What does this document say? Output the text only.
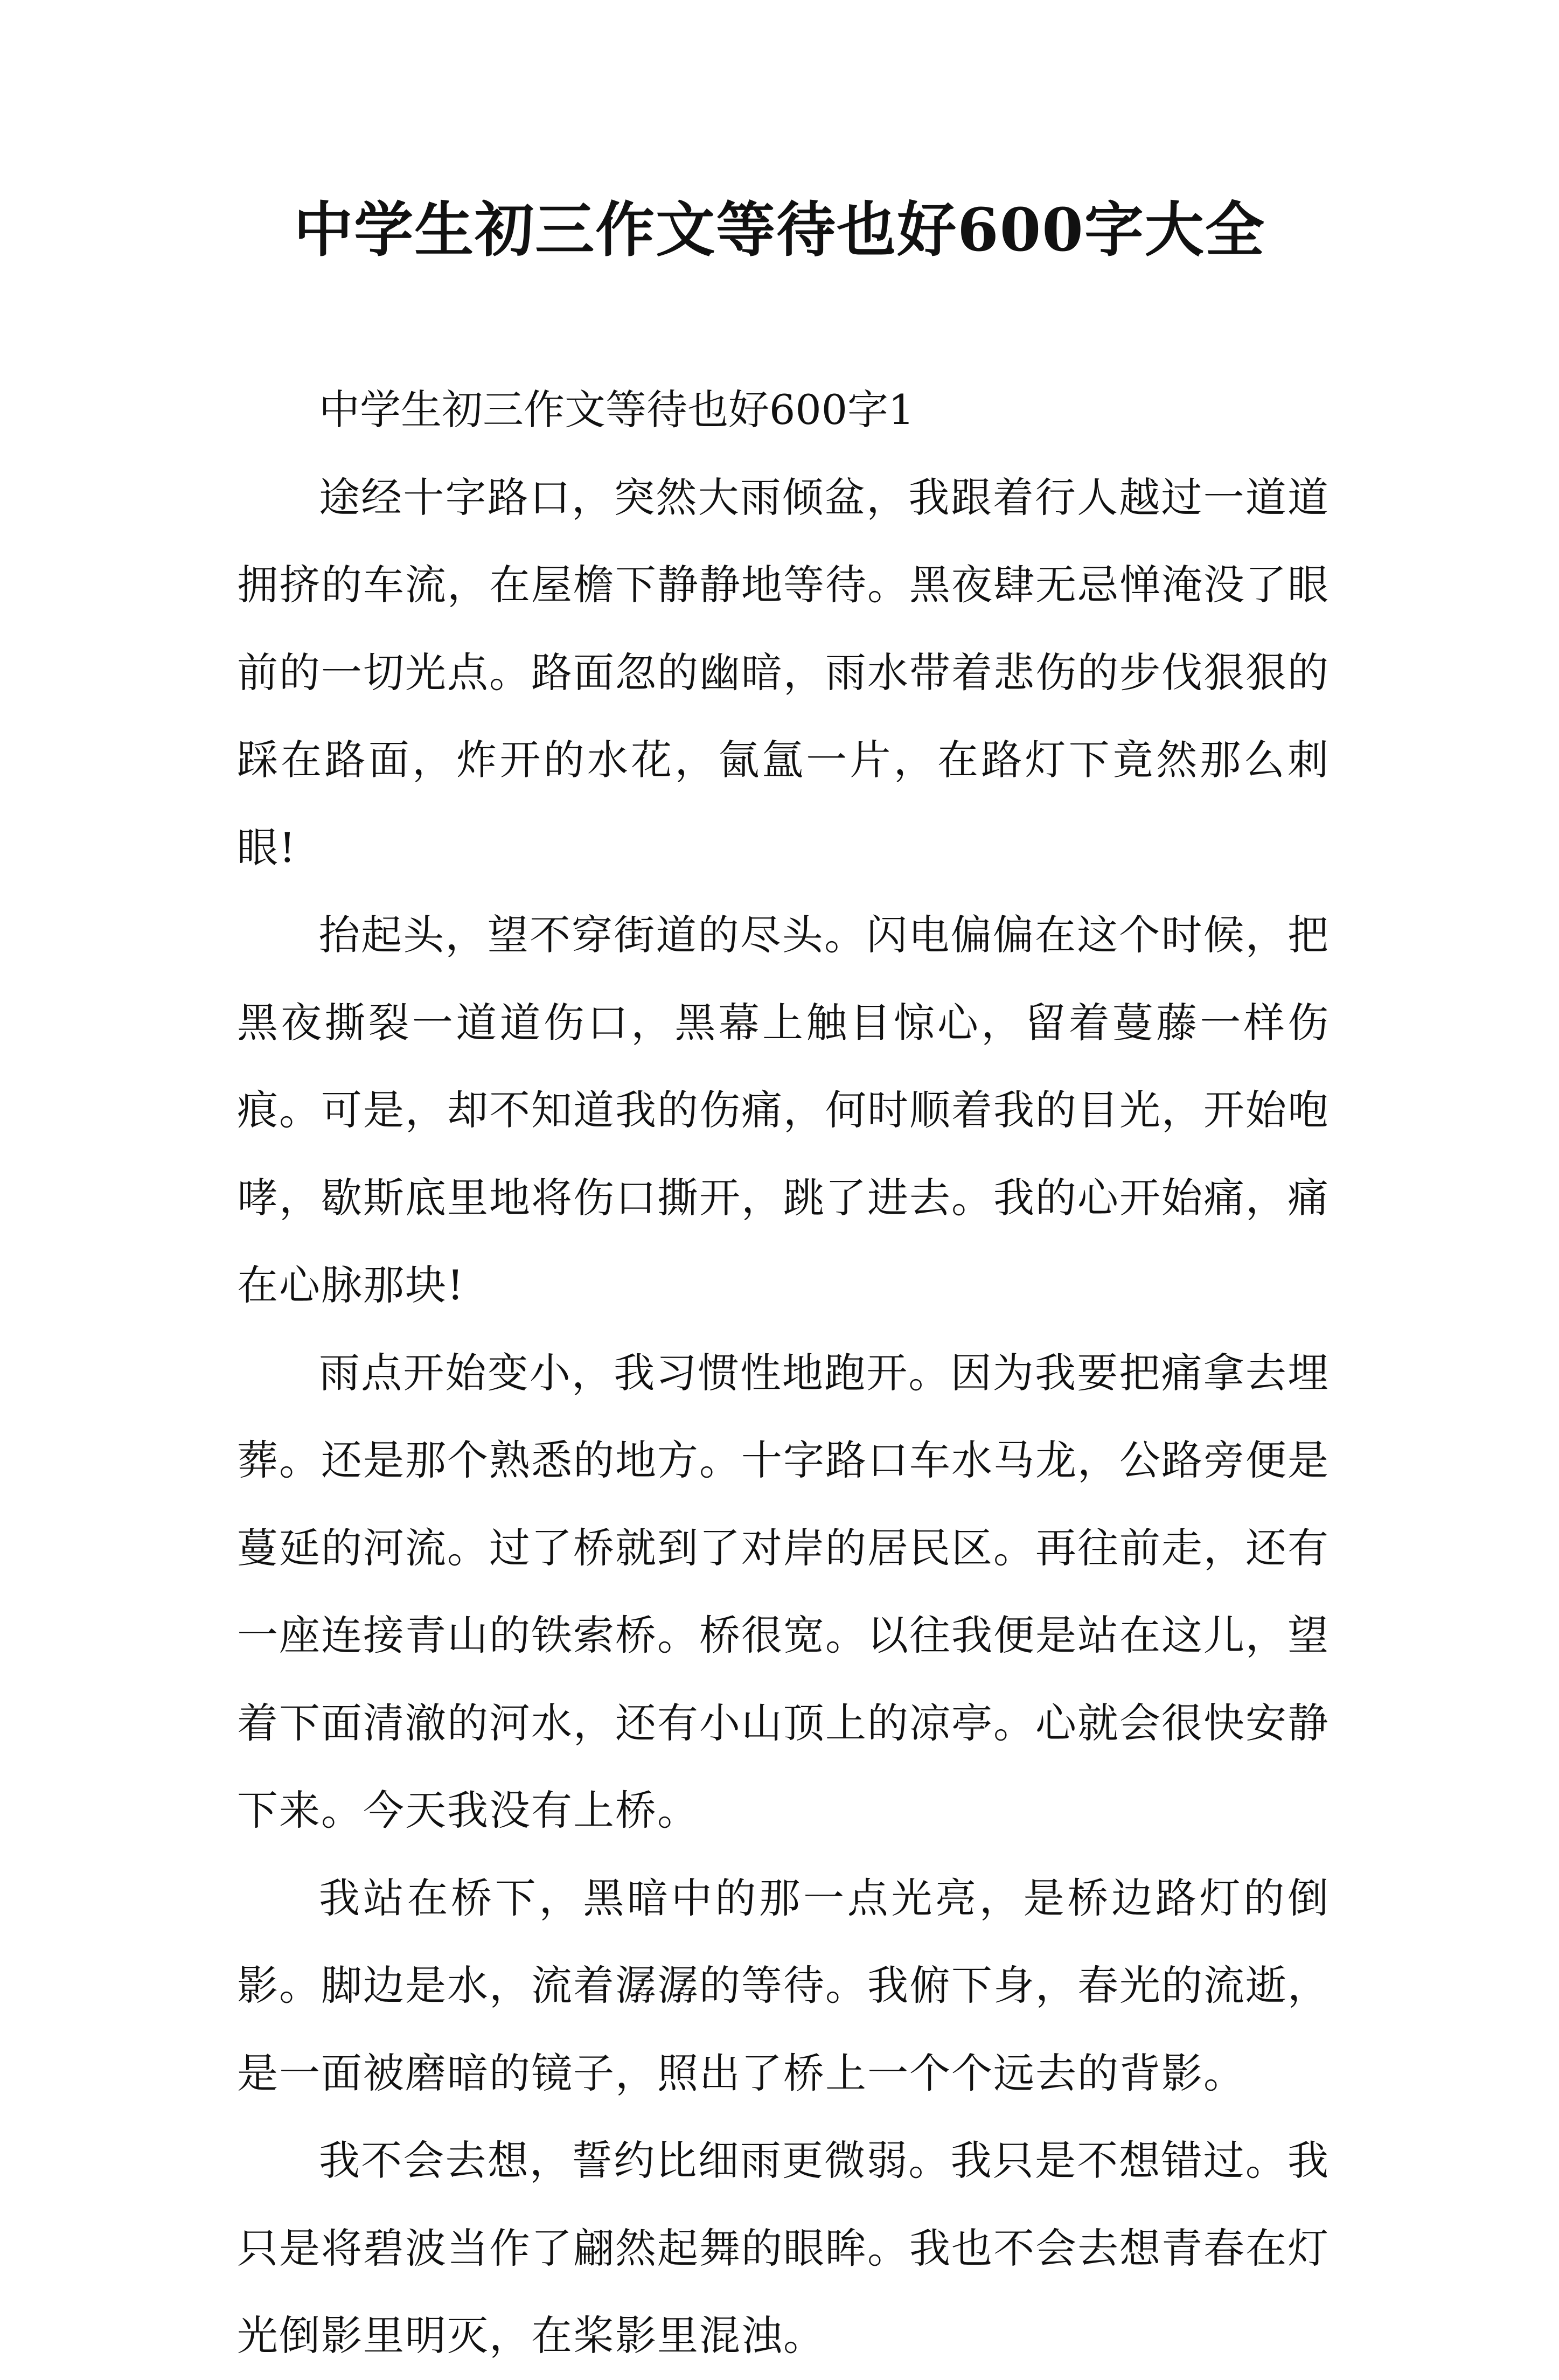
中学生初三作文等待也好600字大全

中学生初三作文等待也好600字1

途经十字路口，突然大雨倾盆，我跟着行人越过一道道拥挤的车流，在屋檐下静静地等待。黑夜肆无忌惮淹没了眼前的一切光点。路面忽的幽暗，雨水带着悲伤的步伐狠狠的踩在路面，炸开的水花，氤氲一片，在路灯下竟然那么刺眼!

抬起头，望不穿街道的尽头。闪电偏偏在这个时候，把黑夜撕裂一道道伤口，黑幕上触目惊心，留着蔓藤一样伤痕。可是，却不知道我的伤痛，何时顺着我的目光，开始咆哮，歇斯底里地将伤口撕开，跳了进去。我的心开始痛，痛在心脉那块!

雨点开始变小，我习惯性地跑开。因为我要把痛拿去埋葬。还是那个熟悉的地方。十字路口车水马龙，公路旁便是蔓延的河流。过了桥就到了对岸的居民区。再往前走，还有一座连接青山的铁索桥。桥很宽。以往我便是站在这儿，望着下面清澈的河水，还有小山顶上的凉亭。心就会很快安静下来。今天我没有上桥。

我站在桥下，黑暗中的那一点光亮，是桥边路灯的倒影。脚边是水，流着潺潺的等待。我俯下身，春光的流逝，是一面被磨暗的镜子，照出了桥上一个个远去的背影。

我不会去想，誓约比细雨更微弱。我只是不想错过。我只是将碧波当作了翩然起舞的眼眸。我也不会去想青春在灯光倒影里明灭，在桨影里混浊。
